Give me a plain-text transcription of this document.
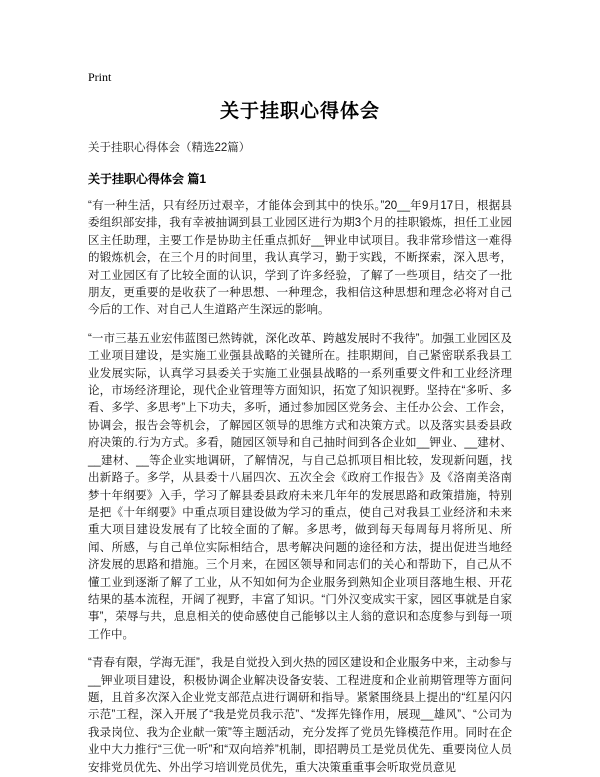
Print
关于挂职心得体会
关于挂职心得体会（精选22篇）
关于挂职心得体会 篇1

“有一种生活，只有经历过艰辛，才能体会到其中的快乐。”20__年9月17日，根据县委组织部安排，我有幸被抽调到县工业园区进行为期3个月的挂职锻炼，担任工业园区主任助理，主要工作是协助主任重点抓好__钾业申试项目。我非常珍惜这一难得的锻炼机会，在三个月的时间里，我认真学习，勤于实践，不断探索，深入思考，对工业园区有了比较全面的认识，学到了许多经验，了解了一些项目，结交了一批朋友，更重要的是收获了一种思想、一种理念，我相信这种思想和理念必将对自己今后的工作、对自己人生道路产生深远的影响。

“一市三基五业宏伟蓝图已然铸就，深化改革、跨越发展时不我待”。加强工业园区及工业项目建设，是实施工业强县战略的关键所在。挂职期间，自己紧密联系我县工业发展实际，认真学习县委关于实施工业强县战略的一系列重要文件和工业经济理论，市场经济理论，现代企业管理等方面知识，拓宽了知识视野。坚持在“多听、多看、多学、多思考”上下功夫，多听，通过参加园区党务会、主任办公会、工作会，协调会，报告会等机会，了解园区领导的思维方式和决策方式。以及落实县委县政府决策的.行为方式。多看，随园区领导和自己抽时间到各企业如__钾业、__建材、__建材、__等企业实地调研，了解情况，与自己总抓项目相比较，发现新问题，找出新路子。多学，从县委十八届四次、五次全会《政府工作报告》及《洛南美洛南梦十年纲要》入手，学习了解县委县政府未来几年年的发展思路和政策措施，特别是把《十年纲要》中重点项目建设做为学习的重点，使自己对我县工业经济和未来重大项目建设发展有了比较全面的了解。多思考，做到每天每周每月将所见、所闻、所感，与自己单位实际相结合，思考解决问题的途径和方法，提出促进当地经济发展的思路和措施。三个月来，在园区领导和同志们的关心和帮助下，自己从不懂工业到逐渐了解了工业，从不知如何为企业服务到熟知企业项目落地生根、开花结果的基本流程，开阔了视野，丰富了知识。“门外汉变成实干家，园区事就是自家事”，荣辱与共，息息相关的使命感使自己能够以主人翁的意识和态度参与到每一项工作中。

“青春有限，学海无涯”，我是自觉投入到火热的园区建设和企业服务中来，主动参与__钾业项目建设，积极协调企业解决设备安装、工程进度和企业前期管理等方面问题，且首多次深入企业党支部范点进行调研和指导。紧紧围绕县上提出的“红星闪闪示范”工程，深入开展了“我是党员我示范”、“发挥先锋作用，展现__雄风”、“公司为我录岗位、我为企业献一策”等主题活动，充分发挥了党员先锋模范作用。同时在企业中大力推行“三优一听”和“双向培养”机制，即招聘员工是党员优先、重要岗位人员安排党员优先、外出学习培训党员优先，重大决策重重事会听取党员意见
